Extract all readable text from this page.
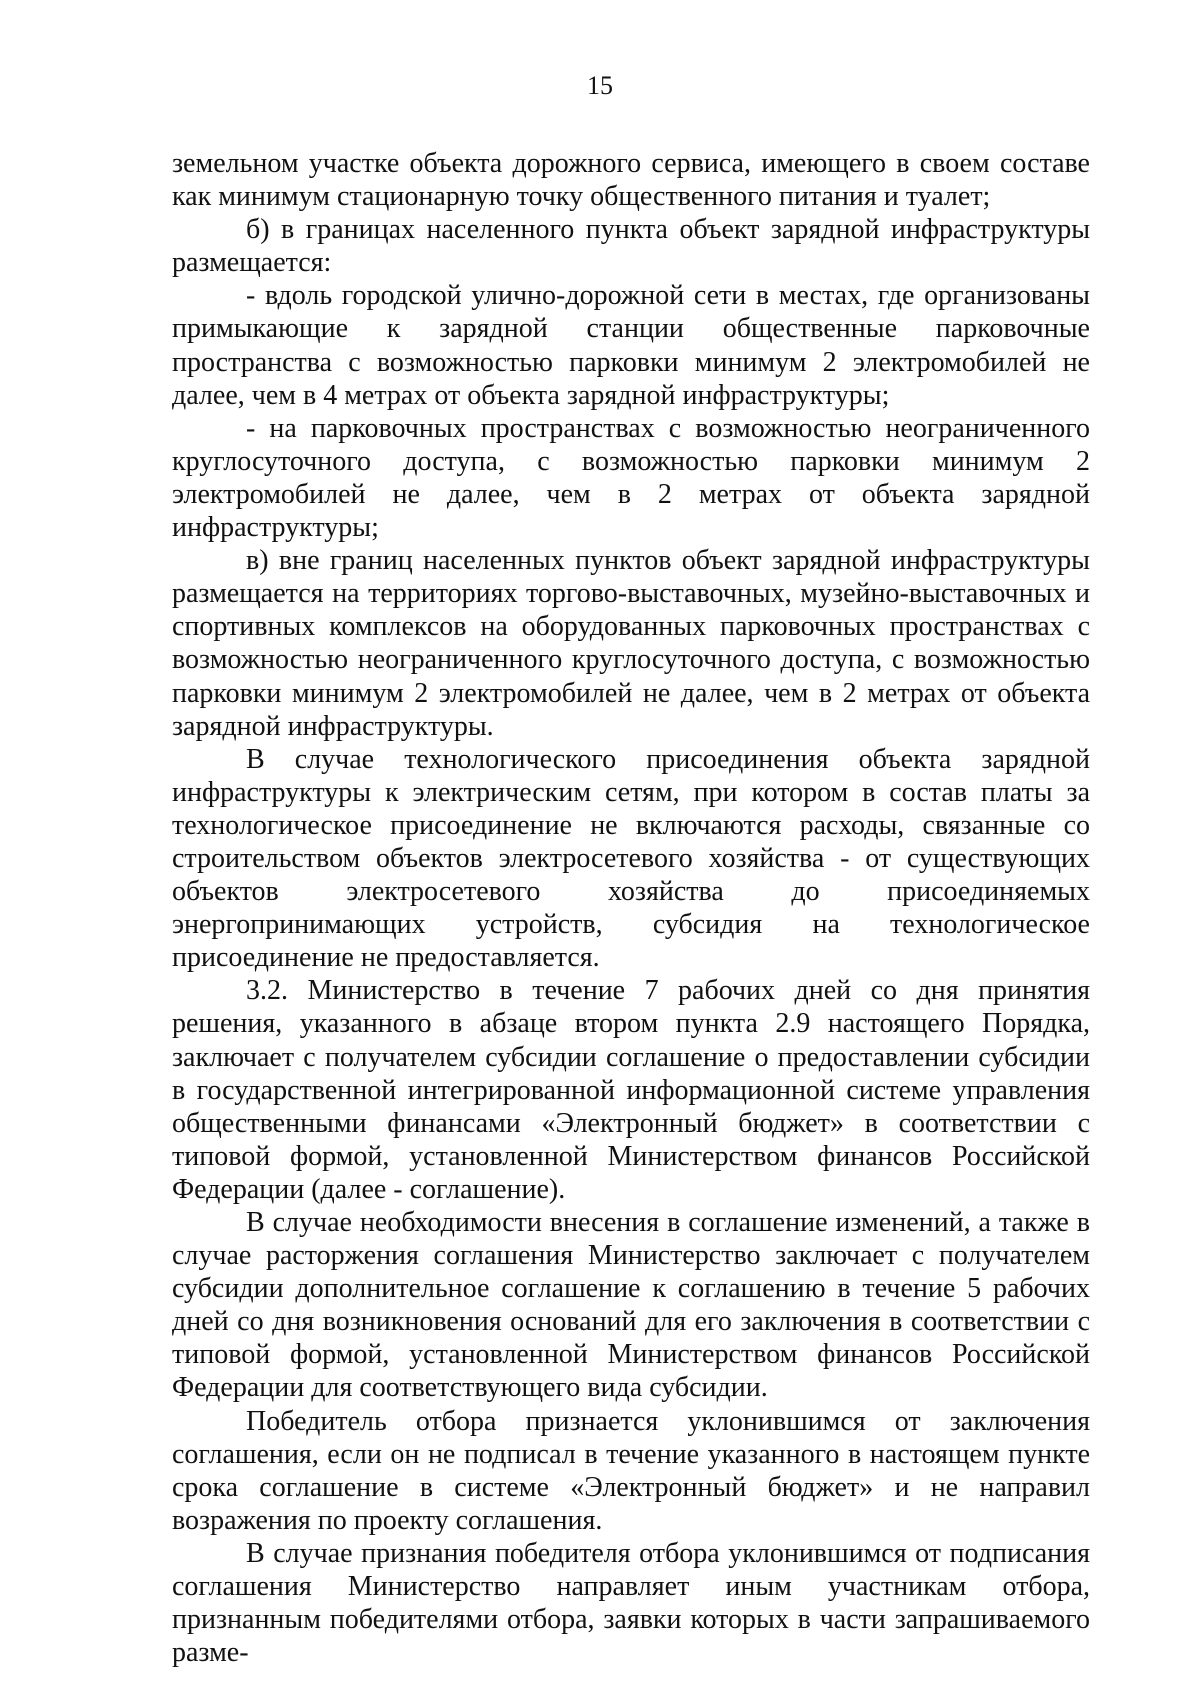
15

земельном участке объекта дорожного сервиса, имеющего в своем составе как минимум стационарную точку общественного питания и туалет;

б) в границах населенного пункта объект зарядной инфраструктуры размещается:

- вдоль городской улично-дорожной сети в местах, где организованы примыкающие к зарядной станции общественные парковочные пространства с возможностью парковки минимум 2 электромобилей не далее, чем в 4 метрах от объекта зарядной инфраструктуры;

- на парковочных пространствах с возможностью неограниченного круглосуточного доступа, с возможностью парковки минимум 2 электромобилей не далее, чем в 2 метрах от объекта зарядной инфраструктуры;

в) вне границ населенных пунктов объект зарядной инфраструктуры размещается на территориях торгово-выставочных, музейно-выставочных и спортивных комплексов на оборудованных парковочных пространствах с возможностью неограниченного круглосуточного доступа, с возможностью парковки минимум 2 электромобилей не далее, чем в 2 метрах от объекта зарядной инфраструктуры.

В случае технологического присоединения объекта зарядной инфраструктуры к электрическим сетям, при котором в состав платы за технологическое присоединение не включаются расходы, связанные со строительством объектов электросетевого хозяйства - от существующих объектов электросетевого хозяйства до присоединяемых энергопринимающих устройств, субсидия на технологическое присоединение не предоставляется.

3.2. Министерство в течение 7 рабочих дней со дня принятия решения, указанного в абзаце втором пункта 2.9 настоящего Порядка, заключает с получателем субсидии соглашение о предоставлении субсидии в государственной интегрированной информационной системе управления общественными финансами «Электронный бюджет» в соответствии с типовой формой, установленной Министерством финансов Российской Федерации (далее - соглашение).

В случае необходимости внесения в соглашение изменений, а также в случае расторжения соглашения Министерство заключает с получателем субсидии дополнительное соглашение к соглашению в течение 5 рабочих дней со дня возникновения оснований для его заключения в соответствии с типовой формой, установленной Министерством финансов Российской Федерации для соответствующего вида субсидии.

Победитель отбора признается уклонившимся от заключения соглашения, если он не подписал в течение указанного в настоящем пункте срока соглашение в системе «Электронный бюджет» и не направил возражения по проекту соглашения.

В случае признания победителя отбора уклонившимся от подписания соглашения Министерство направляет иным участникам отбора, признанным победителями отбора, заявки которых в части запрашиваемого разме-
